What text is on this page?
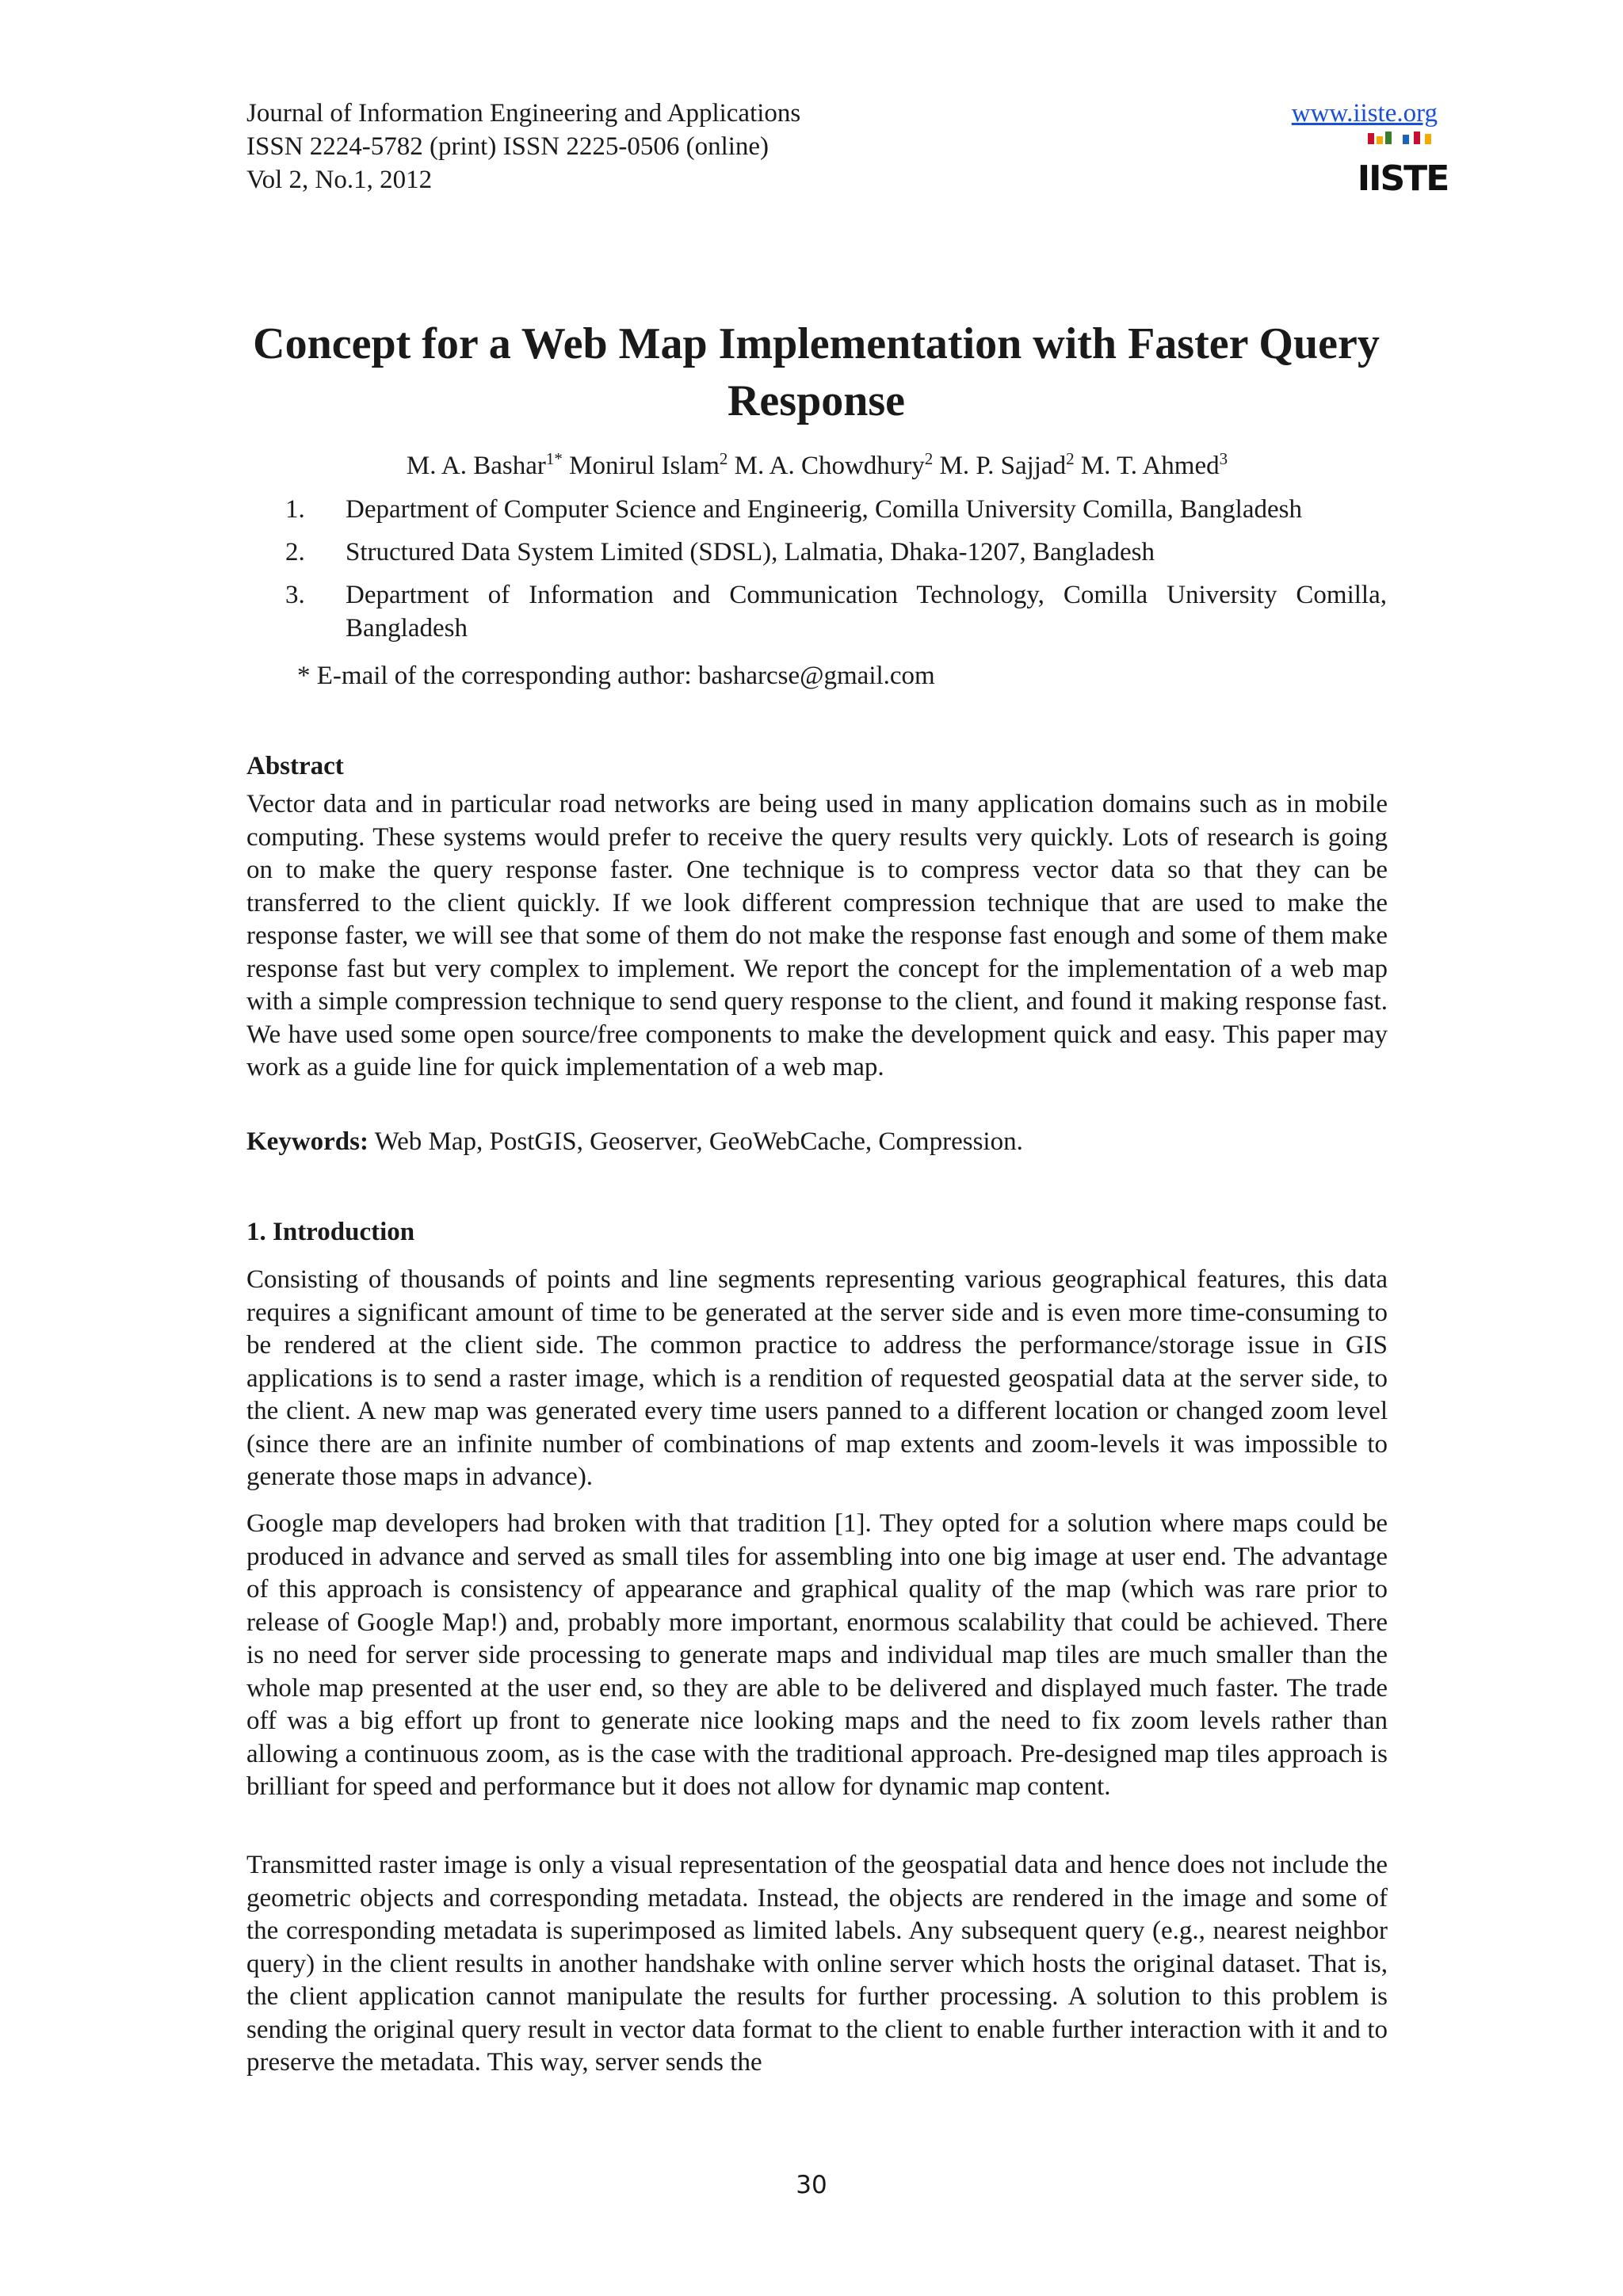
Journal of Information Engineering and Applications
ISSN 2224-5782 (print) ISSN 2225-0506 (online)
Vol 2, No.1, 2012
www.iiste.org
IISTE
Concept for a Web Map Implementation with Faster Query Response
M. A. Bashar$^{1*}$ Monirul Islam$^2$ M. A. Chowdhury$^2$ M. P. Sajjad$^2$ M. T. Ahmed$^3$
1. Department of Computer Science and Engineerig, Comilla University Comilla, Bangladesh
2. Structured Data System Limited (SDSL), Lalmatia, Dhaka-1207, Bangladesh
3. Department of Information and Communication Technology, Comilla University Comilla, Bangladesh
* E-mail of the corresponding author: basharcse@gmail.com
Abstract

Vector data and in particular road networks are being used in many application domains such as in mobile computing. These systems would prefer to receive the query results very quickly. Lots of research is going on to make the query response faster. One technique is to compress vector data so that they can be transferred to the client quickly. If we look different compression technique that are used to make the response faster, we will see that some of them do not make the response fast enough and some of them make response fast but very complex to implement. We report the concept for the implementation of a web map with a simple compression technique to send query response to the client, and found it making response fast. We have used some open source/free components to make the development quick and easy. This paper may work as a guide line for quick implementation of a web map.

Keywords: Web Map, PostGIS, Geoserver, GeoWebCache, Compression.
1. Introduction

Consisting of thousands of points and line segments representing various geographical features, this data requires a significant amount of time to be generated at the server side and is even more time-consuming to be rendered at the client side. The common practice to address the performance/storage issue in GIS applications is to send a raster image, which is a rendition of requested geospatial data at the server side, to the client. A new map was generated every time users panned to a different location or changed zoom level (since there are an infinite number of combinations of map extents and zoom-levels it was impossible to generate those maps in advance).

Google map developers had broken with that tradition [1]. They opted for a solution where maps could be produced in advance and served as small tiles for assembling into one big image at user end. The advantage of this approach is consistency of appearance and graphical quality of the map (which was rare prior to release of Google Map!) and, probably more important, enormous scalability that could be achieved. There is no need for server side processing to generate maps and individual map tiles are much smaller than the whole map presented at the user end, so they are able to be delivered and displayed much faster. The trade off was a big effort up front to generate nice looking maps and the need to fix zoom levels rather than allowing a continuous zoom, as is the case with the traditional approach. Pre-designed map tiles approach is brilliant for speed and performance but it does not allow for dynamic map content.

Transmitted raster image is only a visual representation of the geospatial data and hence does not include the geometric objects and corresponding metadata. Instead, the objects are rendered in the image and some of the corresponding metadata is superimposed as limited labels. Any subsequent query (e.g., nearest neighbor query) in the client results in another handshake with online server which hosts the original dataset. That is, the client application cannot manipulate the results for further processing. A solution to this problem is sending the original query result in vector data format to the client to enable further interaction with it and to preserve the metadata. This way, server sends the

30
